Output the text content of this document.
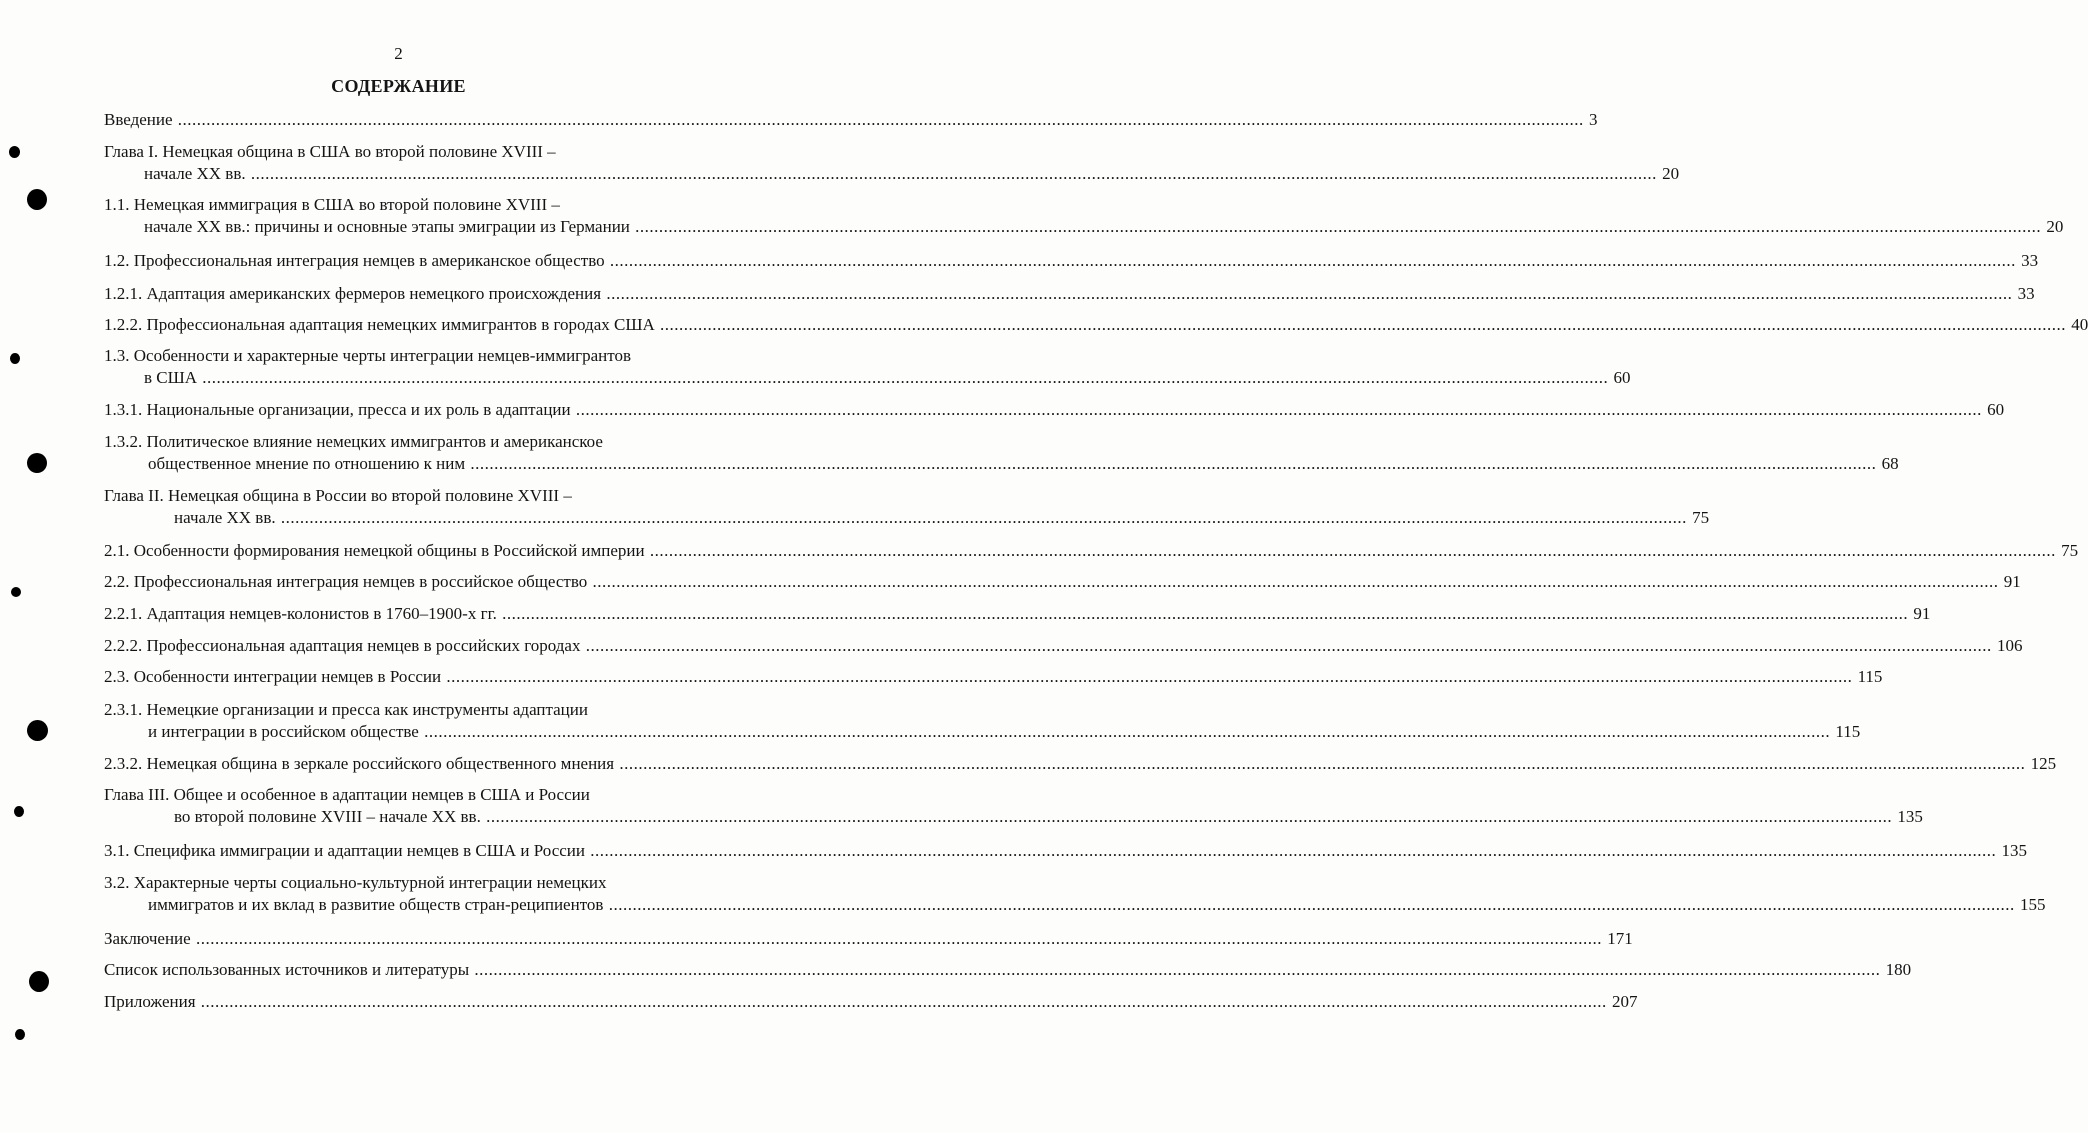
2
СОДЕРЖАНИЕ
Введение .....	3
Глава I. Немецкая община в США во второй половине XVIII –
начале XX вв. .....	20
1.1. Немецкая иммиграция в США во второй половине XVIII –
начале XX вв.: причины и основные этапы эмиграции из Германии .....	20
1.2. Профессиональная интеграция немцев в американское общество .....	33
1.2.1. Адаптация американских фермеров немецкого происхождения .....	33
1.2.2. Профессиональная адаптация немецких иммигрантов в городах США .....	40
1.3. Особенности и характерные черты интеграции немцев-иммигрантов
в США .....	60
1.3.1. Национальные организации, пресса и их роль в адаптации .....	60
1.3.2. Политическое влияние немецких иммигрантов и американское
общественное мнение по отношению к ним .....	68
Глава II. Немецкая община в России во второй половине XVIII –
начале XX вв. .....	75
2.1. Особенности формирования немецкой общины в Российской империи .....	75
2.2. Профессиональная интеграция немцев в российское общество .....	91
2.2.1. Адаптация немцев-колонистов в 1760–1900-х гг. .....	91
2.2.2. Профессиональная адаптация немцев в российских городах .....	106
2.3. Особенности интеграции немцев в России .....	115
2.3.1. Немецкие организации и пресса как инструменты адаптации
и интеграции в российском обществе .....	115
2.3.2. Немецкая община в зеркале российского общественного мнения .....	125
Глава III. Общее и особенное в адаптации немцев в США и России
во второй половине XVIII – начале XX вв. .....	135
3.1. Специфика иммиграции и адаптации немцев в США и России .....	135
3.2. Характерные черты социально-культурной интеграции немецких
иммигратов и их вклад в развитие обществ стран-реципиентов .....	155
Заключение .....	171
Список использованных источников и литературы .....	180
Приложения .....	207
